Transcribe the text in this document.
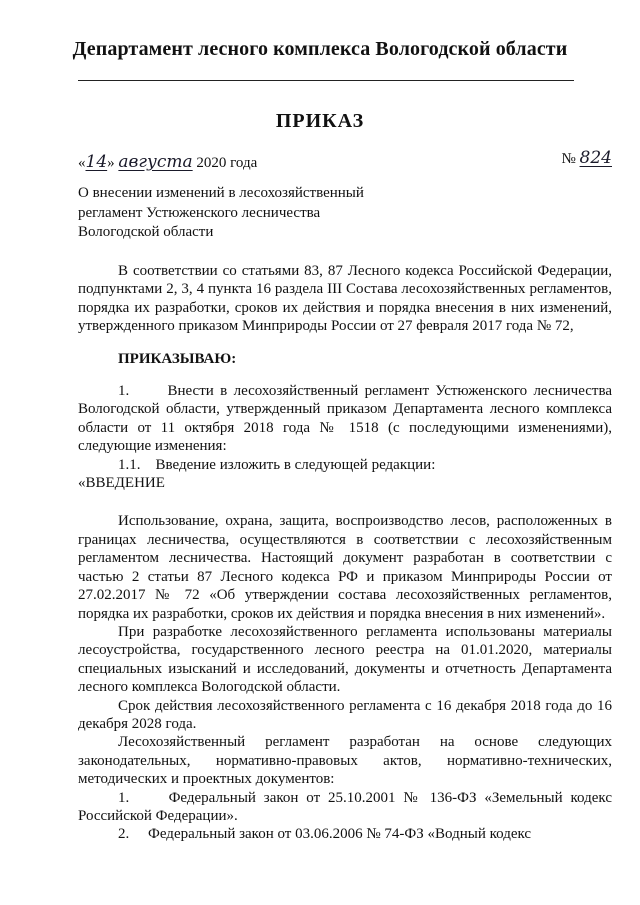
Департамент лесного комплекса Вологодской области
ПРИКАЗ
«14» августа 2020 года	№ 824
О внесении изменений в лесохозяйственный
регламент Устюженского лесничества
Вологодской области

В соответствии со статьями 83, 87 Лесного кодекса Российской Федерации, подпунктами 2, 3, 4 пункта 16 раздела III Состава лесохозяйственных регламентов, порядка их разработки, сроков их действия и порядка внесения в них изменений, утвержденного приказом Минприроды России от 27 февраля 2017 года № 72,

ПРИКАЗЫВАЮ:

1.      Внести в лесохозяйственный регламент Устюженского лесничества Вологодской области, утвержденный приказом Департамента лесного комплекса области от 11 октября 2018 года № 1518 (с последующими изменениями), следующие изменения:

1.1.    Введение изложить в следующей редакции:

«ВВЕДЕНИЕ

Использование, охрана, защита, воспроизводство лесов, расположенных в границах лесничества, осуществляются в соответствии с лесохозяйственным регламентом лесничества. Настоящий документ разработан в соответствии с частью 2 статьи 87 Лесного кодекса РФ и приказом Минприроды России от 27.02.2017 № 72 «Об утверждении состава лесохозяйственных регламентов, порядка их разработки, сроков их действия и порядка внесения в них изменений».

При разработке лесохозяйственного регламента использованы материалы лесоустройства, государственного лесного реестра на 01.01.2020, материалы специальных изысканий и исследований, документы и отчетность Департамента лесного комплекса Вологодской области.

Срок действия лесохозяйственного регламента с 16 декабря 2018 года до 16 декабря 2028 года.

Лесохозяйственный регламент разработан на основе следующих законодательных, нормативно-правовых актов, нормативно-технических, методических и проектных документов:

1.     Федеральный закон от 25.10.2001 № 136-ФЗ «Земельный кодекс Российской Федерации».

2.     Федеральный закон от 03.06.2006 № 74-ФЗ «Водный кодекс
